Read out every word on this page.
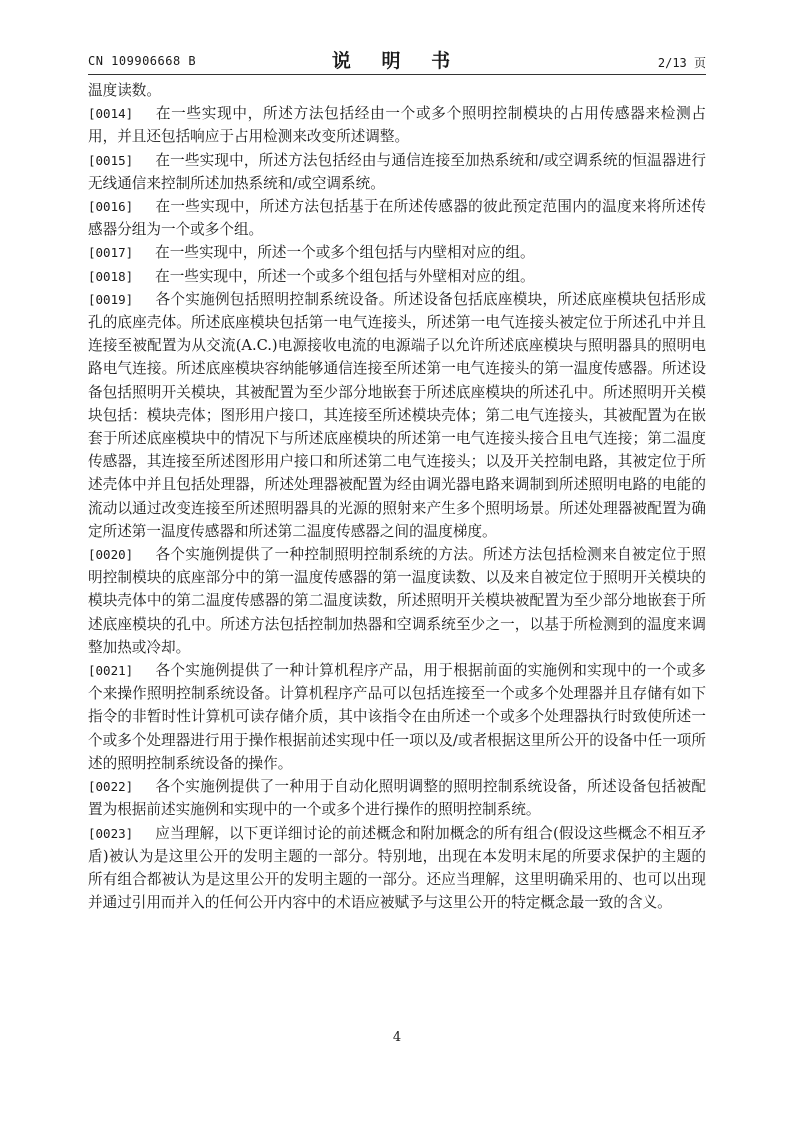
CN 109906668 B	说 明 书	2/13 页

温度读数。

[0014] 在一些实现中，所述方法包括经由一个或多个照明控制模块的占用传感器来检测占用，并且还包括响应于占用检测来改变所述调整。

[0015] 在一些实现中，所述方法包括经由与通信连接至加热系统和/或空调系统的恒温器进行无线通信来控制所述加热系统和/或空调系统。

[0016] 在一些实现中，所述方法包括基于在所述传感器的彼此预定范围内的温度来将所述传感器分组为一个或多个组。

[0017] 在一些实现中，所述一个或多个组包括与内壁相对应的组。

[0018] 在一些实现中，所述一个或多个组包括与外壁相对应的组。

[0019] 各个实施例包括照明控制系统设备。所述设备包括底座模块，所述底座模块包括形成孔的底座壳体。所述底座模块包括第一电气连接头，所述第一电气连接头被定位于所述孔中并且连接至被配置为从交流(A.C.)电源接收电流的电源端子以允许所述底座模块与照明器具的照明电路电气连接。所述底座模块容纳能够通信连接至所述第一电气连接头的第一温度传感器。所述设备包括照明开关模块，其被配置为至少部分地嵌套于所述底座模块的所述孔中。所述照明开关模块包括：模块壳体；图形用户接口，其连接至所述模块壳体；第二电气连接头，其被配置为在嵌套于所述底座模块中的情况下与所述底座模块的所述第一电气连接头接合且电气连接；第二温度传感器，其连接至所述图形用户接口和所述第二电气连接头；以及开关控制电路，其被定位于所述壳体中并且包括处理器，所述处理器被配置为经由调光器电路来调制到所述照明电路的电能的流动以通过改变连接至所述照明器具的光源的照射来产生多个照明场景。所述处理器被配置为确定所述第一温度传感器和所述第二温度传感器之间的温度梯度。

[0020] 各个实施例提供了一种控制照明控制系统的方法。所述方法包括检测来自被定位于照明控制模块的底座部分中的第一温度传感器的第一温度读数、以及来自被定位于照明开关模块的模块壳体中的第二温度传感器的第二温度读数，所述照明开关模块被配置为至少部分地嵌套于所述底座模块的孔中。所述方法包括控制加热器和空调系统至少之一，以基于所检测到的温度来调整加热或冷却。

[0021] 各个实施例提供了一种计算机程序产品，用于根据前面的实施例和实现中的一个或多个来操作照明控制系统设备。计算机程序产品可以包括连接至一个或多个处理器并且存储有如下指令的非暂时性计算机可读存储介质，其中该指令在由所述一个或多个处理器执行时致使所述一个或多个处理器进行用于操作根据前述实现中任一项以及/或者根据这里所公开的设备中任一项所述的照明控制系统设备的操作。

[0022] 各个实施例提供了一种用于自动化照明调整的照明控制系统设备，所述设备包括被配置为根据前述实施例和实现中的一个或多个进行操作的照明控制系统。

[0023] 应当理解，以下更详细讨论的前述概念和附加概念的所有组合(假设这些概念不相互矛盾)被认为是这里公开的发明主题的一部分。特别地，出现在本发明末尾的所要求保护的主题的所有组合都被认为是这里公开的发明主题的一部分。还应当理解，这里明确采用的、也可以出现并通过引用而并入的任何公开内容中的术语应被赋予与这里公开的特定概念最一致的含义。

4
